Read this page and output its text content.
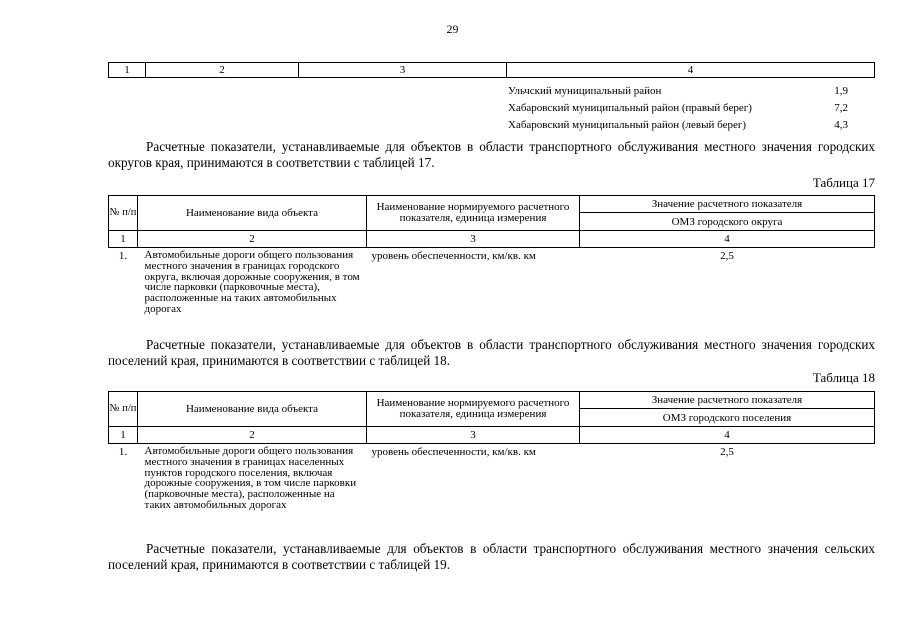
29
1	2	3	4
Ульчский муниципальный район	1,9
Хабаровский муниципальный район (правый берег)	7,2
Хабаровский муниципальный район (левый берег)	4,3
Расчетные показатели, устанавливаемые для объектов в области транспортного обслуживания местного значения городских округов края, принимаются в соответствии с таблицей 17.
Таблица 17
№ п/п	Наименование вида объекта	Наименование нормируемого расчетного показателя, единица измерения	Значение расчетного показателя
			ОМЗ городского округа
1	2	3	4
1.	Автомобильные дороги общего пользования местного значения в границах городского округа, включая дорожные сооружения, в том числе парковки (парковочные места), расположенные на таких автомобильных дорогах	уровень обеспеченности, км/кв. км	2,5
Расчетные показатели, устанавливаемые для объектов в области транспортного обслуживания местного значения городских поселений края, принимаются в соответствии с таблицей 18.
Таблица 18
№ п/п	Наименование вида объекта	Наименование нормируемого расчетного показателя, единица измерения	Значение расчетного показателя
			ОМЗ городского поселения
1	2	3	4
1.	Автомобильные дороги общего пользования местного значения в границах населенных пунктов городского поселения, включая дорожные сооружения, в том числе парковки (парковочные места), расположенные на таких автомобильных дорогах	уровень обеспеченности, км/кв. км	2,5
Расчетные показатели, устанавливаемые для объектов в области транспортного обслуживания местного значения сельских поселений края, принимаются в соответствии с таблицей 19.
